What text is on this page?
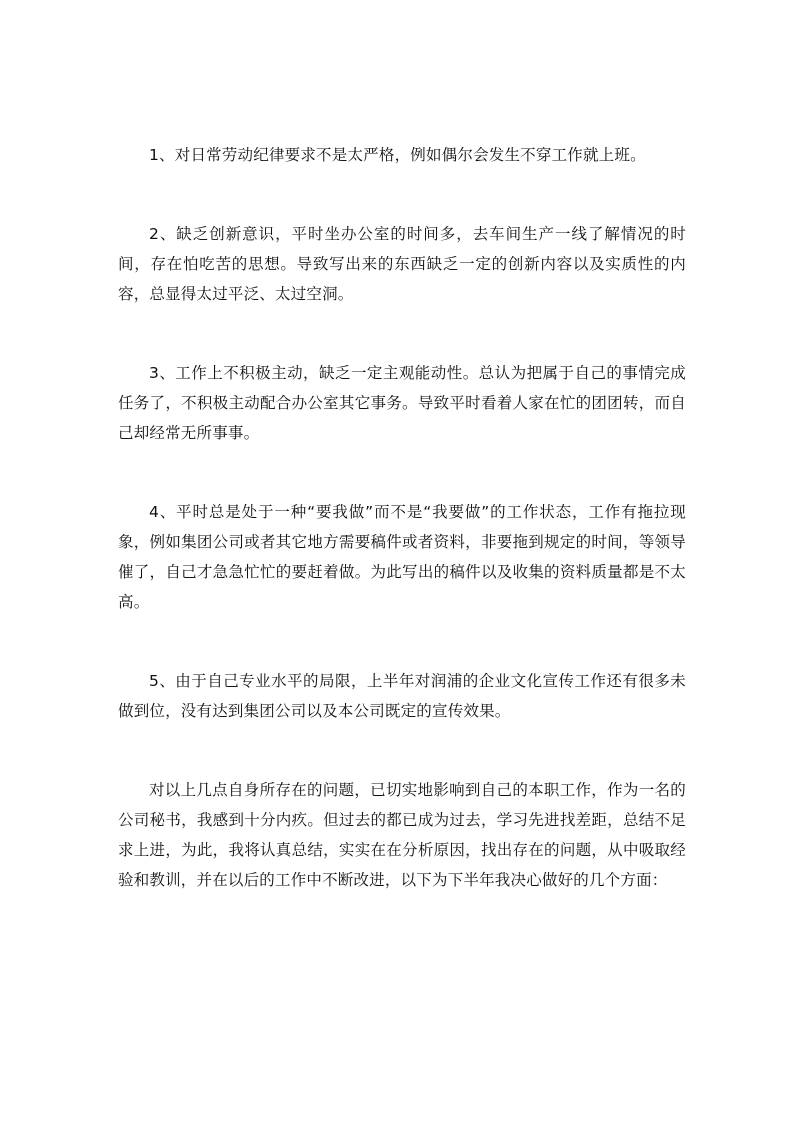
1、对日常劳动纪律要求不是太严格，例如偶尔会发生不穿工作就上班。

2、缺乏创新意识，平时坐办公室的时间多，去车间生产一线了解情况的时间，存在怕吃苦的思想。导致写出来的东西缺乏一定的创新内容以及实质性的内容，总显得太过平泛、太过空洞。

3、工作上不积极主动，缺乏一定主观能动性。总认为把属于自己的事情完成任务了，不积极主动配合办公室其它事务。导致平时看着人家在忙的团团转，而自己却经常无所事事。

4、平时总是处于一种“要我做”而不是“我要做”的工作状态，工作有拖拉现象，例如集团公司或者其它地方需要稿件或者资料，非要拖到规定的时间，等领导催了，自己才急急忙忙的要赶着做。为此写出的稿件以及收集的资料质量都是不太高。

5、由于自己专业水平的局限，上半年对润浦的企业文化宣传工作还有很多未做到位，没有达到集团公司以及本公司既定的宣传效果。

对以上几点自身所存在的问题，已切实地影响到自己的本职工作，作为一名的公司秘书，我感到十分内疚。但过去的都已成为过去，学习先进找差距，总结不足求上进，为此，我将认真总结，实实在在分析原因，找出存在的问题，从中吸取经验和教训，并在以后的工作中不断改进，以下为下半年我决心做好的几个方面：
